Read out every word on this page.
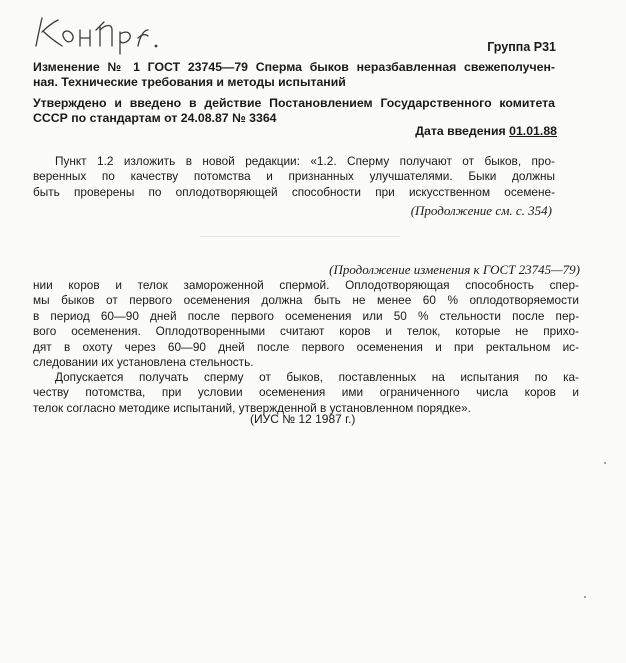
Группа Р31
Изменение № 1 ГОСТ 23745—79 Сперма быков неразбавленная свежеполучен-
ная. Технические требования и методы испытаний
Утверждено и введено в действие Постановлением Государственного комитета
СССР по стандартам от 24.08.87 № 3364
Дата введения 01.01.88
Пункт 1.2 изложить в новой редакции: «1.2. Сперму получают от быков, про-
веренных по качеству потомства и признанных улучшателями. Быки должны
быть проверены по оплодотворяющей способности при искусственном осемене-
(Продолжение см. с. 354)
(Продолжение изменения к ГОСТ 23745—79)
нии коров и телок замороженной спермой. Оплодотворяющая способность спер-
мы быков от первого осеменения должна быть не менее 60 % оплодотворяемости
в период 60—90 дней после первого осеменения или 50 % стельности после пер-
вого осеменения. Оплодотворенными считают коров и телок, которые не прихо-
дят в охоту через 60—90 дней после первого осеменения и при ректальном ис-
следовании их установлена стельность.
Допускается получать сперму от быков, поставленных на испытания по ка-
честву потомства, при условии осеменения ими ограниченного числа коров и
телок согласно методике испытаний, утвержденной в установленном порядке».
(ИУС № 12 1987 г.)
